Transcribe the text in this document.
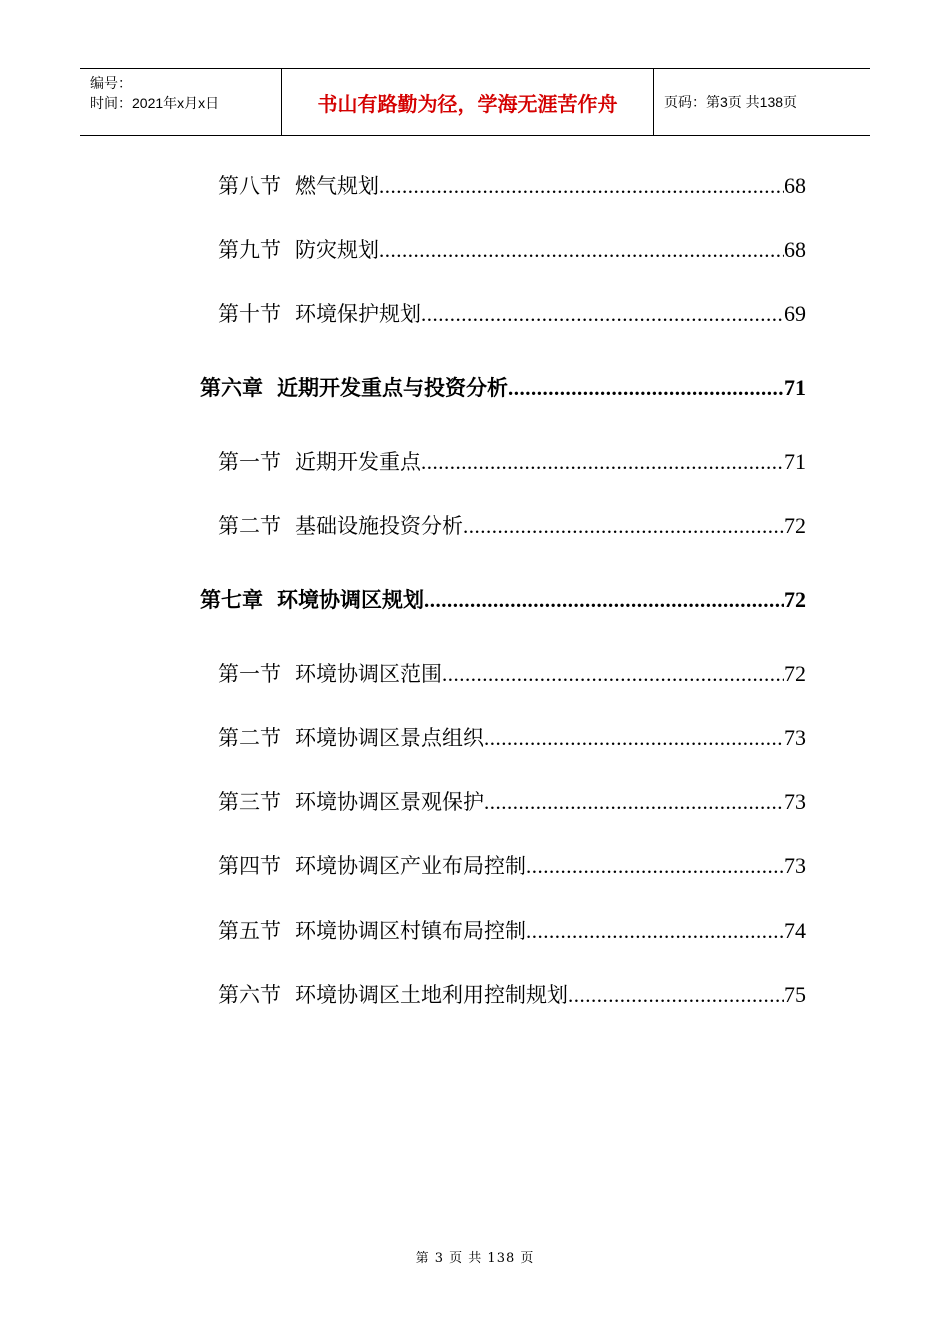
编号：
时间：2021年x月x日	书山有路勤为径，学海无涯苦作舟	页码：第3页 共138页
第八节 燃气规划 .....	68
第九节 防灾规划 .....	68
第十节 环境保护规划 .....	69
第六章 近期开发重点与投资分析 .....	71
第一节 近期开发重点 .....	71
第二节 基础设施投资分析 .....	72
第七章 环境协调区规划 .....	72
第一节 环境协调区范围 .....	72
第二节 环境协调区景点组织 .....	73
第三节 环境协调区景观保护 .....	73
第四节 环境协调区产业布局控制 .....	73
第五节 环境协调区村镇布局控制 .....	74
第六节 环境协调区土地利用控制规划 .....	75
第 3 页 共 138 页
